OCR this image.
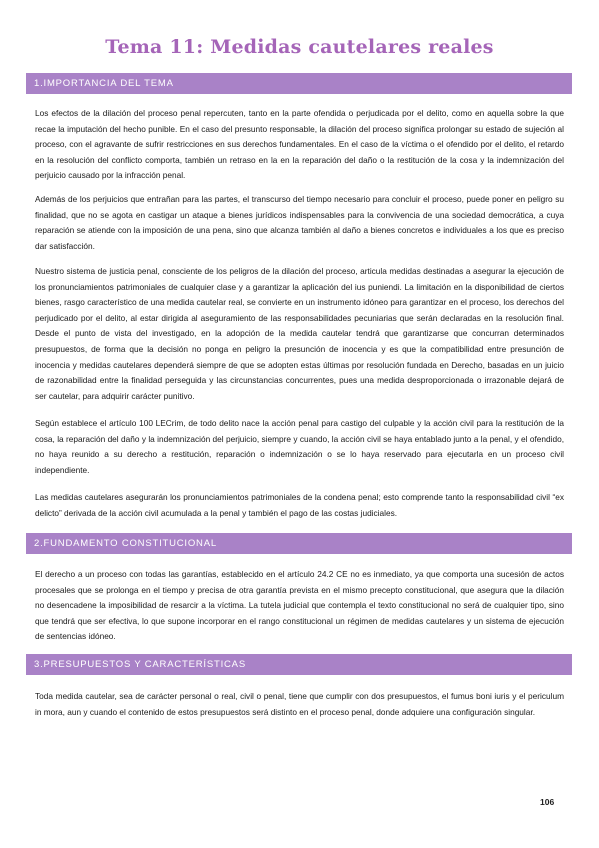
Tema 11: Medidas cautelares reales
1.IMPORTANCIA DEL TEMA

Los efectos de la dilación del proceso penal repercuten, tanto en la parte ofendida o perjudicada por el delito, como en aquella sobre la que recae la imputación del hecho punible. En el caso del presunto responsable, la dilación del proceso significa prolongar su estado de sujeción al proceso, con el agravante de sufrir restricciones en sus derechos fundamentales. En el caso de la víctima o el ofendido por el delito, el retardo en la resolución del conflicto comporta, también un retraso en la en la reparación del daño o la restitución de la cosa y la indemnización del perjuicio causado por la infracción penal.

Además de los perjuicios que entrañan para las partes, el transcurso del tiempo necesario para concluir el proceso, puede poner en peligro su finalidad, que no se agota en castigar un ataque a bienes jurídicos indispensables para la convivencia de una sociedad democrática, a cuya reparación se atiende con la imposición de una pena, sino que alcanza también al daño a bienes concretos e individuales a los que es preciso dar satisfacción.

Nuestro sistema de justicia penal, consciente de los peligros de la dilación del proceso, articula medidas destinadas a asegurar la ejecución de los pronunciamientos patrimoniales de cualquier clase y a garantizar la aplicación del ius puniendi. La limitación en la disponibilidad de ciertos bienes, rasgo característico de una medida cautelar real, se convierte en un instrumento idóneo para garantizar en el proceso, los derechos del perjudicado por el delito, al estar dirigida al aseguramiento de las responsabilidades pecuniarias que serán declaradas en la resolución final. Desde el punto de vista del investigado, en la adopción de la medida cautelar tendrá que garantizarse que concurran determinados presupuestos, de forma que la decisión no ponga en peligro la presunción de inocencia y es que la compatibilidad entre presunción de inocencia y medidas cautelares dependerá siempre de que se adopten estas últimas por resolución fundada en Derecho, basadas en un juicio de razonabilidad entre la finalidad perseguida y las circunstancias concurrentes, pues una medida desproporcionada o irrazonable dejará de ser cautelar, para adquirir carácter punitivo.

Según establece el artículo 100 LECrim, de todo delito nace la acción penal para castigo del culpable y la acción civil para la restitución de la cosa, la reparación del daño y la indemnización del perjuicio, siempre y cuando, la acción civil se haya entablado junto a la penal, y el ofendido, no haya reunido a su derecho a restitución, reparación o indemnización o se lo haya reservado para ejecutarla en un proceso civil independiente.

Las medidas cautelares asegurarán los pronunciamientos patrimoniales de la condena penal; esto comprende tanto la responsabilidad civil “ex delicto” derivada de la acción civil acumulada a la penal y también el pago de las costas judiciales.

2.FUNDAMENTO CONSTITUCIONAL

El derecho a un proceso con todas las garantías, establecido en el artículo 24.2 CE no es inmediato, ya que comporta una sucesión de actos procesales que se prolonga en el tiempo y precisa de otra garantía prevista en el mismo precepto constitucional, que asegura que la dilación no desencadene la imposibilidad de resarcir a la víctima. La tutela judicial que contempla el texto constitucional no será de cualquier tipo, sino que tendrá que ser efectiva, lo que supone incorporar en el rango constitucional un régimen de medidas cautelares y un sistema de ejecución de sentencias idóneo.

3.PRESUPUESTOS Y CARACTERÍSTICAS

Toda medida cautelar, sea de carácter personal o real, civil o penal, tiene que cumplir con dos presupuestos, el fumus boni iuris y el periculum in mora, aun y cuando el contenido de estos presupuestos será distinto en el proceso penal, donde adquiere una configuración singular.

106
